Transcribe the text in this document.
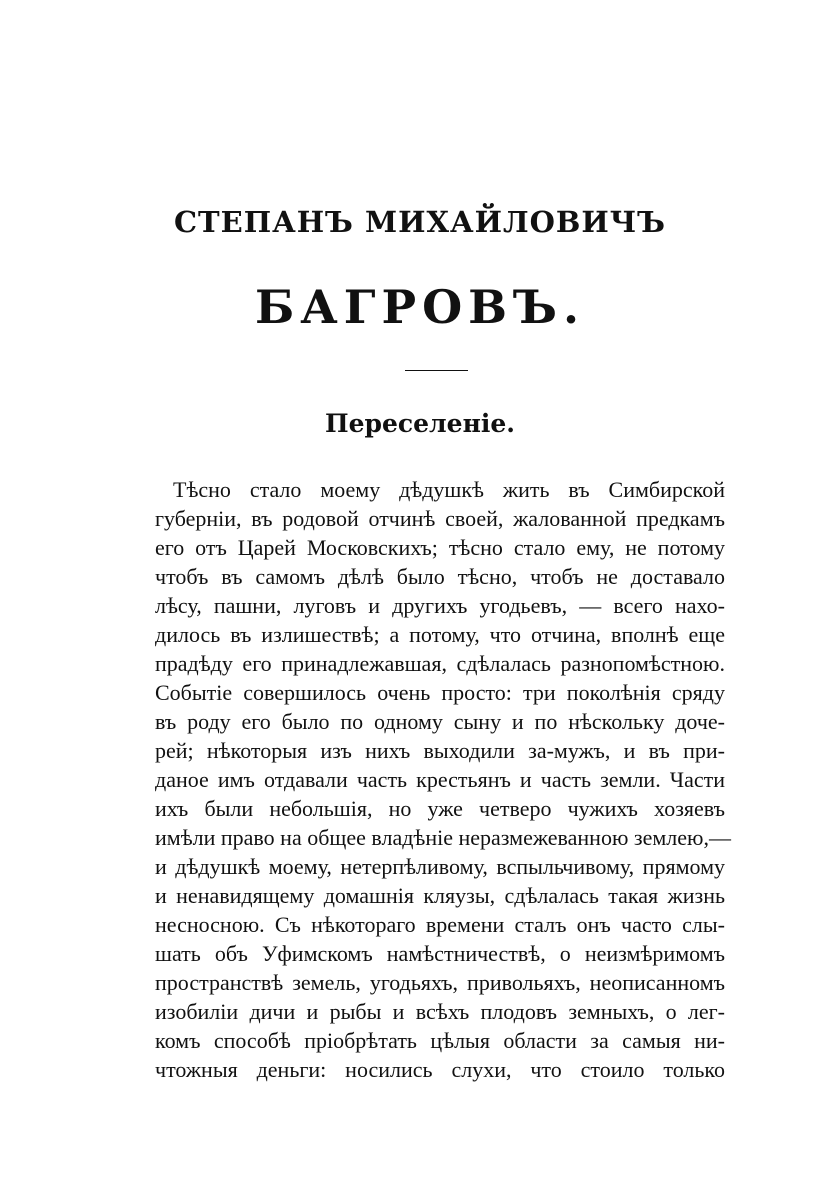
СТЕПАНЪ МИХАЙЛОВИЧЪ
БАГРОВЪ.
Переселеніе.
Тѣсно стало моему дѣдушкѣ жить въ Симбирской
губерніи, въ родовой отчинѣ своей, жалованной предкамъ
его отъ Царей Московскихъ; тѣсно стало ему, не потому
чтобъ въ самомъ дѣлѣ было тѣсно, чтобъ не доставало
лѣсу, пашни, луговъ и другихъ угодьевъ, — всего нахо-
дилось въ излишествѣ; а потому, что отчина, вполнѣ еще
прадѣду его принадлежавшая, сдѣлалась разнопомѣстною.
Событіе совершилось очень просто: три поколѣнія сряду
въ роду его было по одному сыну и по нѣскольку доче-
рей; нѣкоторыя изъ нихъ выходили за-мужъ, и въ при-
даное имъ отдавали часть крестьянъ и часть земли. Части
ихъ были небольшія, но уже четверо чужихъ хозяевъ
имѣли право на общее владѣніе неразмежеванною землею,—
и дѣдушкѣ моему, нетерпѣливому, вспыльчивому, прямому
и ненавидящему домашнія кляузы, сдѣлалась такая жизнь
несносною. Съ нѣкотораго времени сталъ онъ часто слы-
шать объ Уфимскомъ намѣстничествѣ, о неизмѣримомъ
пространствѣ земель, угодьяхъ, привольяхъ, неописанномъ
изобиліи дичи и рыбы и всѣхъ плодовъ земныхъ, о лег-
комъ способѣ пріобрѣтать цѣлыя области за самыя ни-
чтожныя деньги: носились слухи, что стоило только
